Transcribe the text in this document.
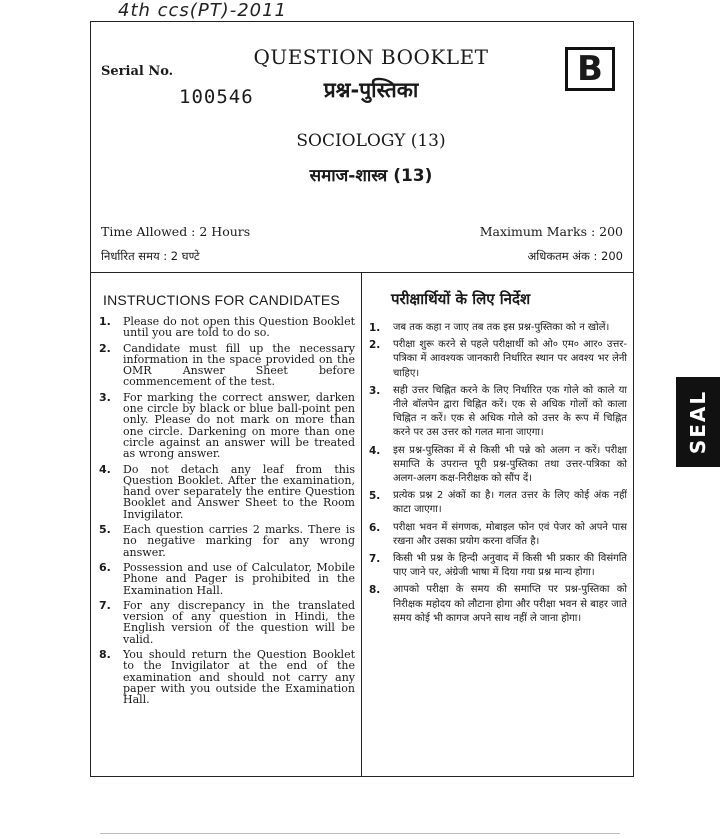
4th ccs(PT)-2011
Serial No.
100546
QUESTION BOOKLET
प्रश्न-पुस्तिका
B
SOCIOLOGY (13)
समाज-शास्त्र (13)
Time Allowed : 2 Hours
निर्धारित समय : 2 घण्टे
Maximum Marks : 200
अधिकतम अंक : 200
INSTRUCTIONS FOR CANDIDATES	परीक्षार्थियों के लिए निर्देश
1. Please do not open this Question Booklet until you are told to do so.
2. Candidate must fill up the necessary information in the space provided on the OMR Answer Sheet before commencement of the test.
3. For marking the correct answer, darken one circle by black or blue ball-point pen only. Please do not mark on more than one circle. Darkening on more than one circle against an answer will be treated as wrong answer.
4. Do not detach any leaf from this Question Booklet. After the examination, hand over separately the entire Question Booklet and Answer Sheet to the Room Invigilator.
5. Each question carries 2 marks. There is no negative marking for any wrong answer.
6. Possession and use of Calculator, Mobile Phone and Pager is prohibited in the Examination Hall.
7. For any discrepancy in the translated version of any question in Hindi, the English version of the question will be valid.
8. You should return the Question Booklet to the Invigilator at the end of the examination and should not carry any paper with you outside the Examination Hall.
1. जब तक कहा न जाए तब तक इस प्रश्न-पुस्तिका को न खोलें।
2. परीक्षा शुरू करने से पहले परीक्षार्थी को ओ० एम० आर० उत्तर-पत्रिका में आवश्यक जानकारी निर्धारित स्थान पर अवश्य भर लेनी चाहिए।
3. सही उत्तर चिह्नित करने के लिए निर्धारित एक गोले को काले या नीले बॉलपेन द्वारा चिह्नित करें। एक से अधिक गोलों को काला चिह्नित न करें। एक से अधिक गोले को उत्तर के रूप में चिह्नित करने पर उस उत्तर को गलत माना जाएगा।
4. इस प्रश्न-पुस्तिका में से किसी भी पन्ने को अलग न करें। परीक्षा समाप्ति के उपरान्त पूरी प्रश्न-पुस्तिका तथा उत्तर-पत्रिका को अलग-अलग कक्ष-निरीक्षक को सौंप दें।
5. प्रत्येक प्रश्न 2 अंकों का है। गलत उत्तर के लिए कोई अंक नहीं काटा जाएगा।
6. परीक्षा भवन में संगणक, मोबाइल फोन एवं पेजर को अपने पास रखना और उसका प्रयोग करना वर्जित है।
7. किसी भी प्रश्न के हिन्दी अनुवाद में किसी भी प्रकार की विसंगति पाए जाने पर, अंग्रेजी भाषा में दिया गया प्रश्न मान्य होगा।
8. आपको परीक्षा के समय की समाप्ति पर प्रश्न-पुस्तिका को निरीक्षक महोदय को लौटाना होगा और परीक्षा भवन से बाहर जाते समय कोई भी कागज अपने साथ नहीं ले जाना होगा।
SEAL
